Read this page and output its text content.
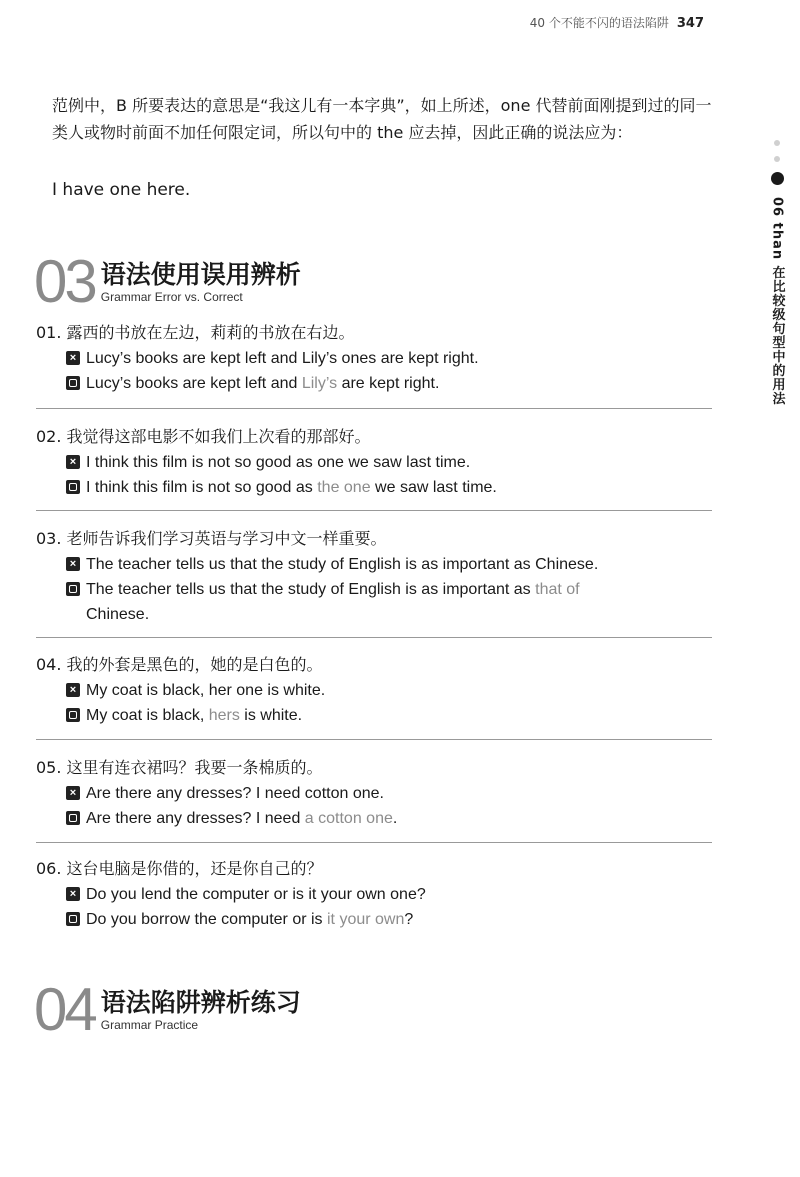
40 个不能不闪的语法陷阱 347
06 than 在比较级句型中的用法
范例中，B 所要表达的意思是“我这儿有一本字典”，如上所述，one 代替前面刚提到过的同一类人或物时前面不加任何限定词，所以句中的 the 应去掉，因此正确的说法应为：
I have one here.
03 语法使用误用辨析
Grammar Error vs. Correct
01. 露西的书放在左边，莉莉的书放在右边。
× Lucy’s books are kept left and Lily’s ones are kept right.
Lucy’s books are kept left and Lily’s are kept right.
02. 我觉得这部电影不如我们上次看的那部好。
× I think this film is not so good as one we saw last time.
I think this film is not so good as the one we saw last time.
03. 老师告诉我们学习英语与学习中文一样重要。
× The teacher tells us that the study of English is as important as Chinese.
The teacher tells us that the study of English is as important as that of
Chinese.
04. 我的外套是黑色的，她的是白色的。
× My coat is black, her one is white.
My coat is black, hers is white.
05. 这里有连衣裙吗？我要一条棉质的。
× Are there any dresses? I need cotton one.
Are there any dresses? I need a cotton one.
06. 这台电脑是你借的，还是你自己的？
× Do you lend the computer or is it your own one?
Do you borrow the computer or is it your own?
04 语法陷阱辨析练习
Grammar Practice
